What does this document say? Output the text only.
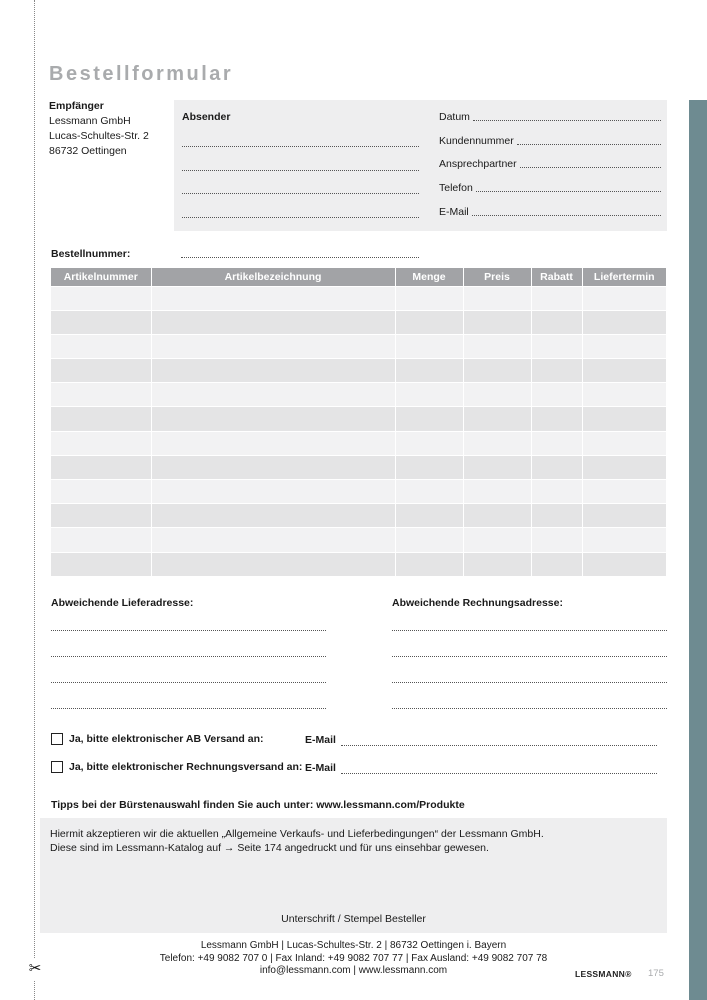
✂
Bestellformular
Empfänger
Lessmann GmbH
Lucas-Schultes-Str. 2
86732 Oettingen
Absender	Datum
Kundennummer
Ansprechpartner
Telefon
E-Mail
Bestellnummer:
Artikelnummer	Artikelbezeichnung	Menge	Preis	Rabatt	Liefertermin

Abweichende Lieferadresse:	Abweichende Rechnungsadresse:
Ja, bitte elektronischer AB Versand an:	E-Mail
Ja, bitte elektronischer Rechnungsversand an: E-Mail
Tipps bei der Bürstenauswahl finden Sie auch unter: www.lessmann.com/Produkte
Hiermit akzeptieren wir die aktuellen „Allgemeine Verkaufs- und Lieferbedingungen“ der Lessmann GmbH.
Diese sind im Lessmann-Katalog auf → Seite 174 angedruckt und für uns einsehbar gewesen.
Unterschrift / Stempel Besteller
Lessmann GmbH | Lucas-Schultes-Str. 2 | 86732 Oettingen i. Bayern
Telefon: +49 9082 707 0 | Fax Inland: +49 9082 707 77 | Fax Ausland: +49 9082 707 78
info@lessmann.com | www.lessmann.com	LESSMANN® 175
